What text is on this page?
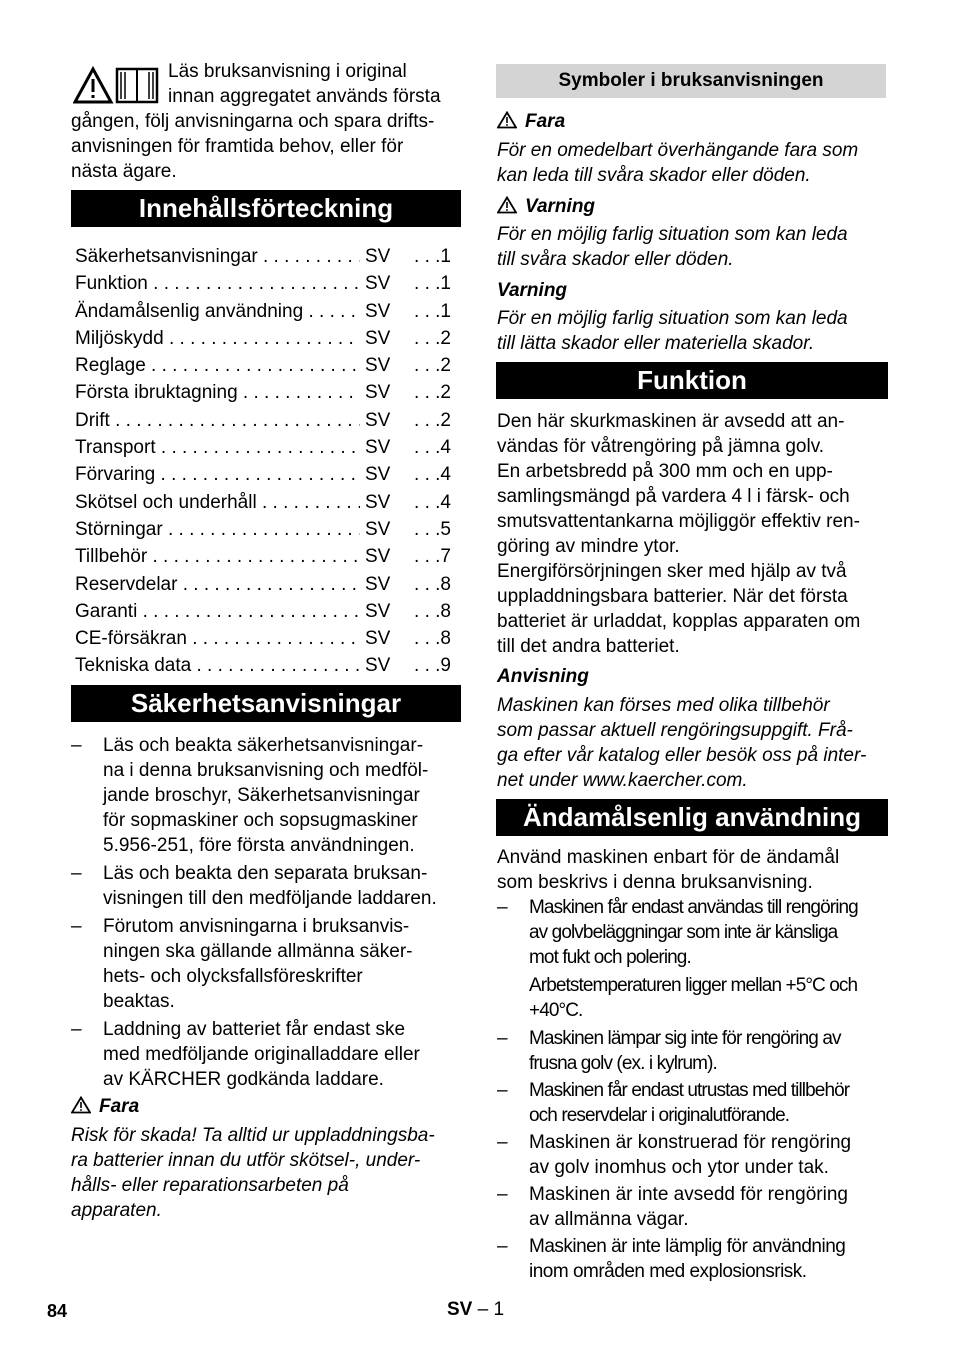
Läs bruksanvisning i original

innan aggregatet används första

gången, följ anvisningarna och spara drifts-

anvisningen för framtida behov, eller för

nästa ägare.

Innehållsförteckning
Säkerhetsanvisningar . . .	SV	. . . 1
Funktion . . .	SV	. . . 1
Ändamålsenlig användning . . .	SV	. . . 1
Miljöskydd . . .	SV	. . . 2
Reglage . . .	SV	. . . 2
Första ibruktagning . . .	SV	. . . 2
Drift . . .	SV	. . . 2
Transport . . .	SV	. . . 4
Förvaring . . .	SV	. . . 4
Skötsel och underhåll . . .	SV	. . . 4
Störningar . . .	SV	. . . 5
Tillbehör . . .	SV	. . . 7
Reservdelar . . .	SV	. . . 8
Garanti . . .	SV	. . . 8
CE-försäkran . . .	SV	. . . 8
Tekniska data . . .	SV	. . . 9
Säkerhetsanvisningar
– Läs och beakta säkerhetsanvisningar-
na i denna bruksanvisning och medföl-
jande broschyr, Säkerhetsanvisningar
för sopmaskiner och sopsugmaskiner
5.956-251, före första användningen.
– Läs och beakta den separata bruksan-
visningen till den medföljande laddaren.
– Förutom anvisningarna i bruksanvis-
ningen ska gällande allmänna säker-
hets- och olycksfallsföreskrifter
beaktas.
– Laddning av batteriet får endast ske
med medföljande originalladdare eller
av KÄRCHER godkända laddare.
Fara
Risk för skada! Ta alltid ur uppladdningsba-
ra batterier innan du utför skötsel-, under-
hålls- eller reparationsarbeten på
apparaten.
Symboler i bruksanvisningen
Fara
För en omedelbart överhängande fara som
kan leda till svåra skador eller döden.
Varning
För en möjlig farlig situation som kan leda
till svåra skador eller döden.
Varning
För en möjlig farlig situation som kan leda
till lätta skador eller materiella skador.
Funktion
Den här skurkmaskinen är avsedd att an-
vändas för våtrengöring på jämna golv.
En arbetsbredd på 300 mm och en upp-
samlingsmängd på vardera 4 l i färsk- och
smutsvattentankarna möjliggör effektiv ren-
göring av mindre ytor.
Energiförsörjningen sker med hjälp av två
uppladdningsbara batterier. När det första
batteriet är urladdat, kopplas apparaten om
till det andra batteriet.
Anvisning
Maskinen kan förses med olika tillbehör
som passar aktuell rengöringsuppgift. Frå-
ga efter vår katalog eller besök oss på inter-
net under www.kaercher.com.
Ändamålsenlig användning
Använd maskinen enbart för de ändamål
som beskrivs i denna bruksanvisning.
– Maskinen får endast användas till rengöring
av golvbeläggningar som inte är känsliga
mot fukt och polering.
Arbetstemperaturen ligger mellan +5°C och
+40°C.
– Maskinen lämpar sig inte för rengöring av
frusna golv (ex. i kylrum).
– Maskinen får endast utrustas med tillbehör
och reservdelar i originalutförande.
– Maskinen är konstruerad för rengöring
av golv inomhus och ytor under tak.
– Maskinen är inte avsedd för rengöring
av allmänna vägar.
– Maskinen är inte lämplig för användning
inom områden med explosionsrisk.
84	SV – 1
